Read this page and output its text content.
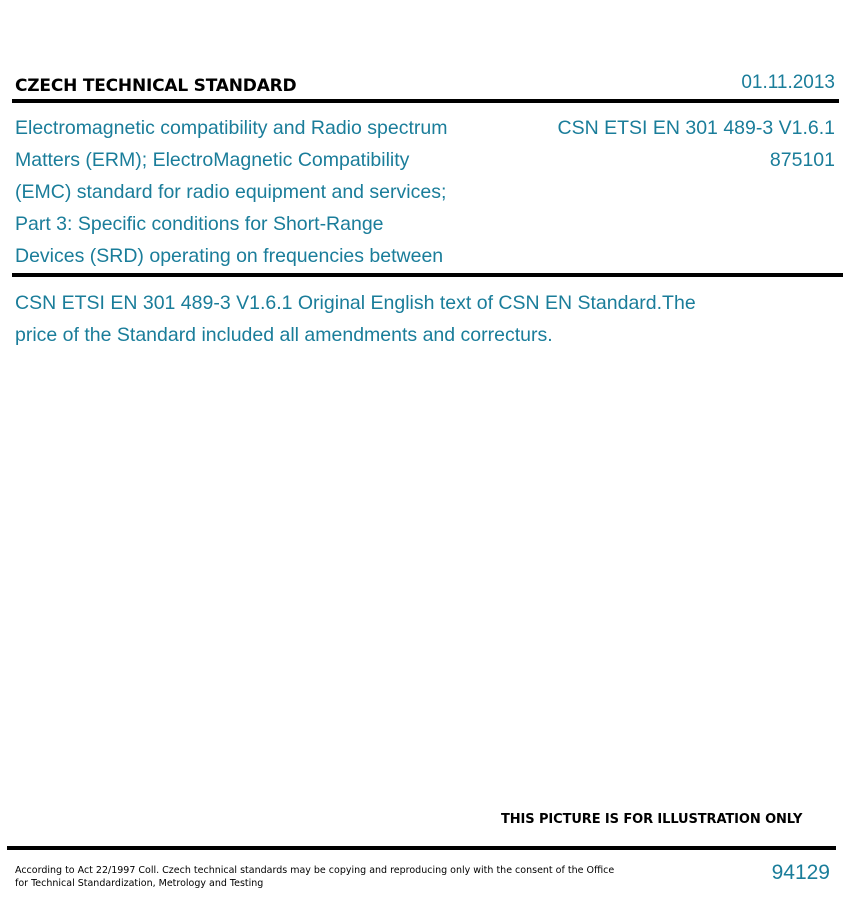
CZECH TECHNICAL STANDARD	01.11.2013
Electromagnetic compatibility and Radio spectrum
Matters (ERM); ElectroMagnetic Compatibility
(EMC) standard for radio equipment and services;
Part 3: Specific conditions for Short-Range
Devices (SRD) operating on frequencies between
CSN ETSI EN 301 489-3 V1.6.1
875101
CSN ETSI EN 301 489-3 V1.6.1 Original English text of CSN EN Standard.The
price of the Standard included all amendments and correcturs.
THIS PICTURE IS FOR ILLUSTRATION ONLY
According to Act 22/1997 Coll. Czech technical standards may be copying and reproducing only with the consent of the Office
for Technical Standardization, Metrology and Testing	94129
